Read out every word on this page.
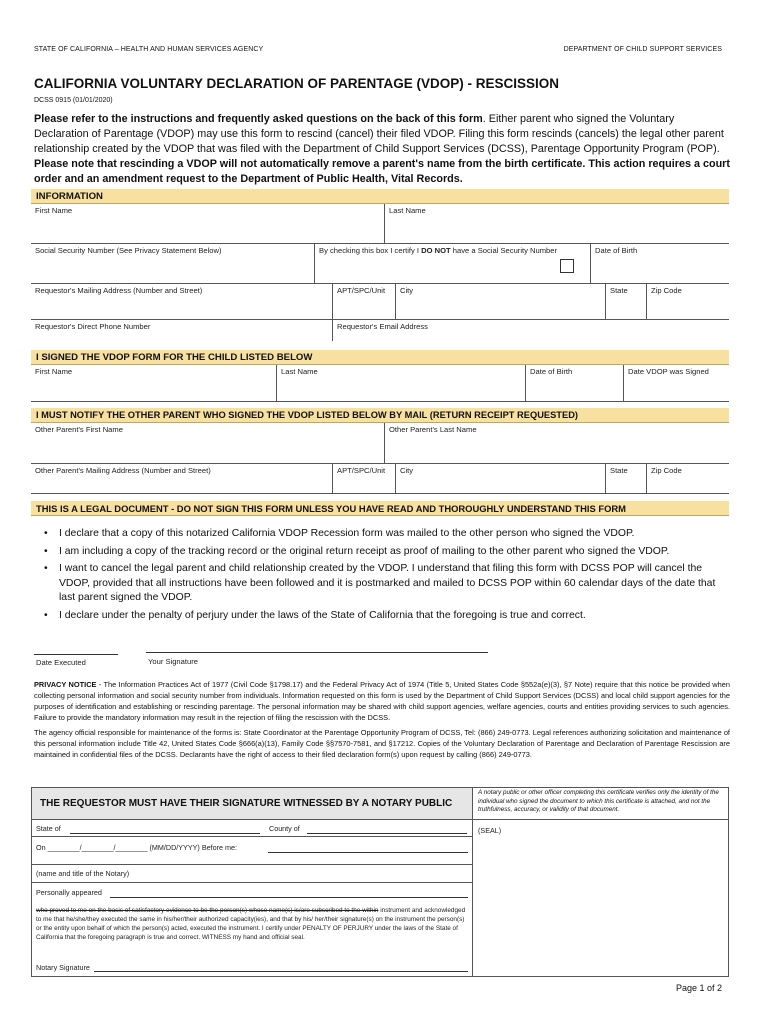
STATE OF CALIFORNIA – HEALTH AND HUMAN SERVICES AGENCY	DEPARTMENT OF CHILD SUPPORT SERVICES
CALIFORNIA VOLUNTARY DECLARATION OF PARENTAGE (VDOP) - RESCISSION
DCSS 0915 (01/01/2020)
Please refer to the instructions and frequently asked questions on the back of this form. Either parent who signed the Voluntary Declaration of Parentage (VDOP) may use this form to rescind (cancel) their filed VDOP. Filing this form rescinds (cancels) the legal other parent relationship created by the VDOP that was filed with the Department of Child Support Services (DCSS), Parentage Opportunity Program (POP). Please note that rescinding a VDOP will not automatically remove a parent's name from the birth certificate. This action requires a court order and an amendment request to the Department of Public Health, Vital Records.
INFORMATION
First Name	Last Name
Social Security Number (See Privacy Statement Below)	By checking this box I certify I DO NOT have a Social Security Number	Date of Birth
Requestor's Mailing Address (Number and Street)	APT/SPC/Unit	City	State	Zip Code
Requestor's Direct Phone Number	Requestor's Email Address
I SIGNED THE VDOP FORM FOR THE CHILD LISTED BELOW
First Name	Last Name	Date of Birth	Date VDOP was Signed
I MUST NOTIFY THE OTHER PARENT WHO SIGNED THE VDOP LISTED BELOW BY MAIL (RETURN RECEIPT REQUESTED)
Other Parent's First Name	Other Parent's Last Name
Other Parent's Mailing Address (Number and Street)	APT/SPC/Unit	City	State	Zip Code
THIS IS A LEGAL DOCUMENT - DO NOT SIGN THIS FORM UNLESS YOU HAVE READ AND THOROUGHLY UNDERSTAND THIS FORM
• I declare that a copy of this notarized California VDOP Recession form was mailed to the other person who signed the VDOP.
• I am including a copy of the tracking record or the original return receipt as proof of mailing to the other parent who signed the VDOP.
• I want to cancel the legal parent and child relationship created by the VDOP. I understand that filing this form with DCSS POP will cancel the VDOP, provided that all instructions have been followed and it is postmarked and mailed to DCSS POP within 60 calendar days of the date that last parent signed the VDOP.
• I declare under the penalty of perjury under the laws of the State of California that the foregoing is true and correct.
Date Executed	Your Signature

PRIVACY NOTICE - The Information Practices Act of 1977 (Civil Code §1798.17) and the Federal Privacy Act of 1974 (Title 5, United States Code §552a(e)(3), §7 Note) require that this notice be provided when collecting personal information and social security number from individuals. Information requested on this form is used by the Department of Child Support Services (DCSS) and local child support agencies for the purposes of identification and establishing or rescinding parentage. The personal information may be shared with child support agencies, welfare agencies, courts and entities providing services to such agencies. Failure to provide the mandatory information may result in the rejection of filing the rescission with the DCSS.

The agency official responsible for maintenance of the forms is: State Coordinator at the Parentage Opportunity Program of DCSS, Tel: (866) 249-0773. Legal references authorizing solicitation and maintenance of this personal information include Title 42, United States Code §666(a)(13), Family Code §§7570-7581, and §17212. Copies of the Voluntary Declaration of Parentage and Declaration of Parentage Rescission are maintained in confidential files of the DCSS. Declarants have the right of access to their filed declaration form(s) upon request by calling (866) 249-0773.

THE REQUESTOR MUST HAVE THEIR SIGNATURE WITNESSED BY A NOTARY PUBLIC
A notary public or other officer completing this certificate verifies only the identity of the individual who signed the document to which this certificate is attached, and not the truthfulness, accuracy, or validity of that document.
(SEAL)
State of	County of
On ________/________/________ (MM/DD/YYYY) Before me:
(name and title of the Notary)
Personally appeared
who proved to me on the basis of satisfactory evidence to be the person(s) whose name(s) is/are subscribed to the within instrument and acknowledged to me that he/she/they executed the same in his/her/their authorized capacity(ies), and that by his/ her/their signature(s) on the instrument the person(s) or the entity upon behalf of which the person(s) acted, executed the instrument. I certify under PENALTY OF PERJURY under the laws of the State of California that the foregoing paragraph is true and correct. WITNESS my hand and official seal.
Notary Signature
Page 1 of 2
